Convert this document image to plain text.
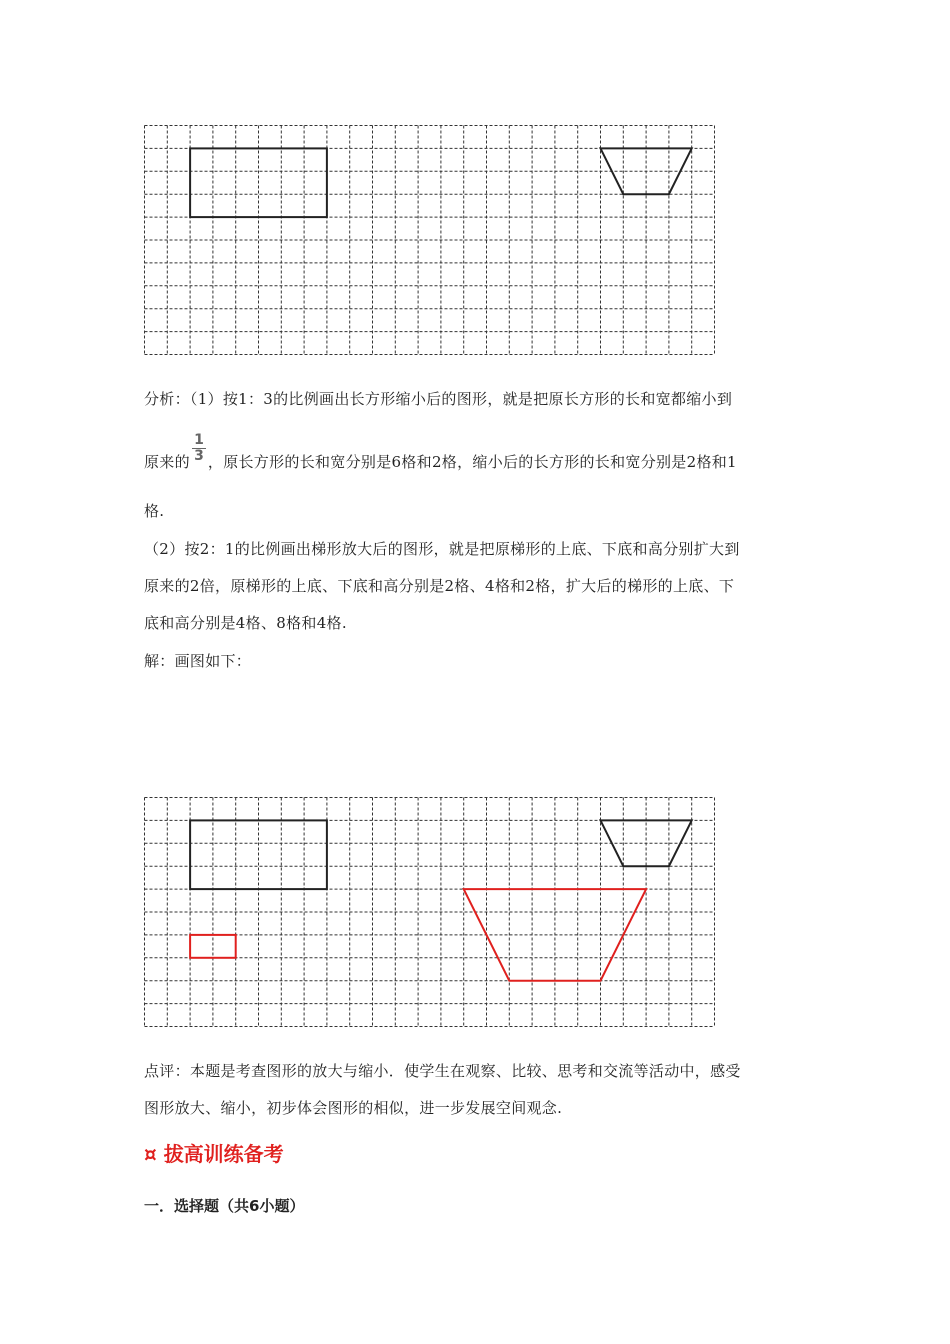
分析：（1）按1：3的比例画出长方形缩小后的图形，就是把原长方形的长和宽都缩小到
原来的 ，原长方形的长和宽分别是6格和2格，缩小后的长方形的长和宽分别是2格和1
1
3
格.
（2）按2：1的比例画出梯形放大后的图形，就是把原梯形的上底、下底和高分别扩大到
原来的2倍，原梯形的上底、下底和高分别是2格、4格和2格，扩大后的梯形的上底、下
底和高分别是4格、8格和4格.
解：画图如下：
点评：本题是考查图形的放大与缩小．使学生在观察、比较、思考和交流等活动中，感受
图形放大、缩小，初步体会图形的相似，进一步发展空间观念.
¤ 拔高训练备考
一．选择题（共6小题）
